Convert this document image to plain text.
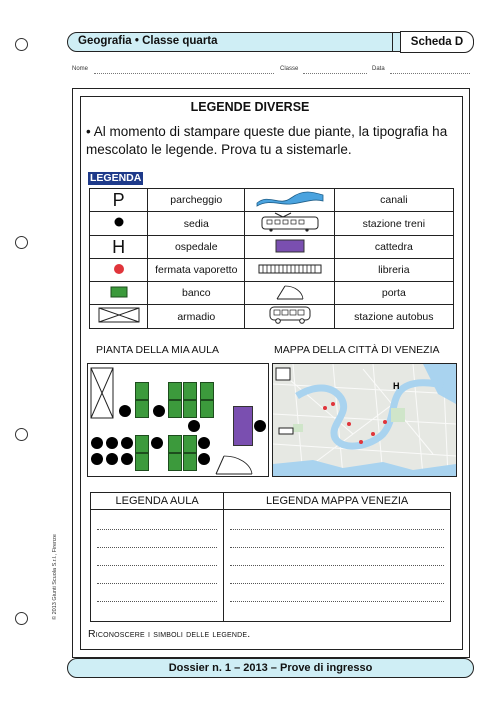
Geografia • Classe quarta	Scheda D
Nome	Classe	Data
LEGENDE DIVERSE
• Al momento di stampare queste due piante, la tipografia ha mescolato le legende. Prova tu a sistemarle.
LEGENDA
P	parcheggio		canali
	sedia		stazione treni
H	ospedale		cattedra
	fermata vaporetto		libreria
	banco		porta
	armadio		stazione autobus
PIANTA DELLA MIA AULA	MAPPA DELLA CITTÀ DI VENEZIA
H
LEGENDA AULA	LEGENDA MAPPA VENEZIA

Riconoscere i simboli delle legende.
© 2013 Giunti Scuola S.r.l., Firenze
Dossier n. 1 – 2013 – Prove di ingresso
